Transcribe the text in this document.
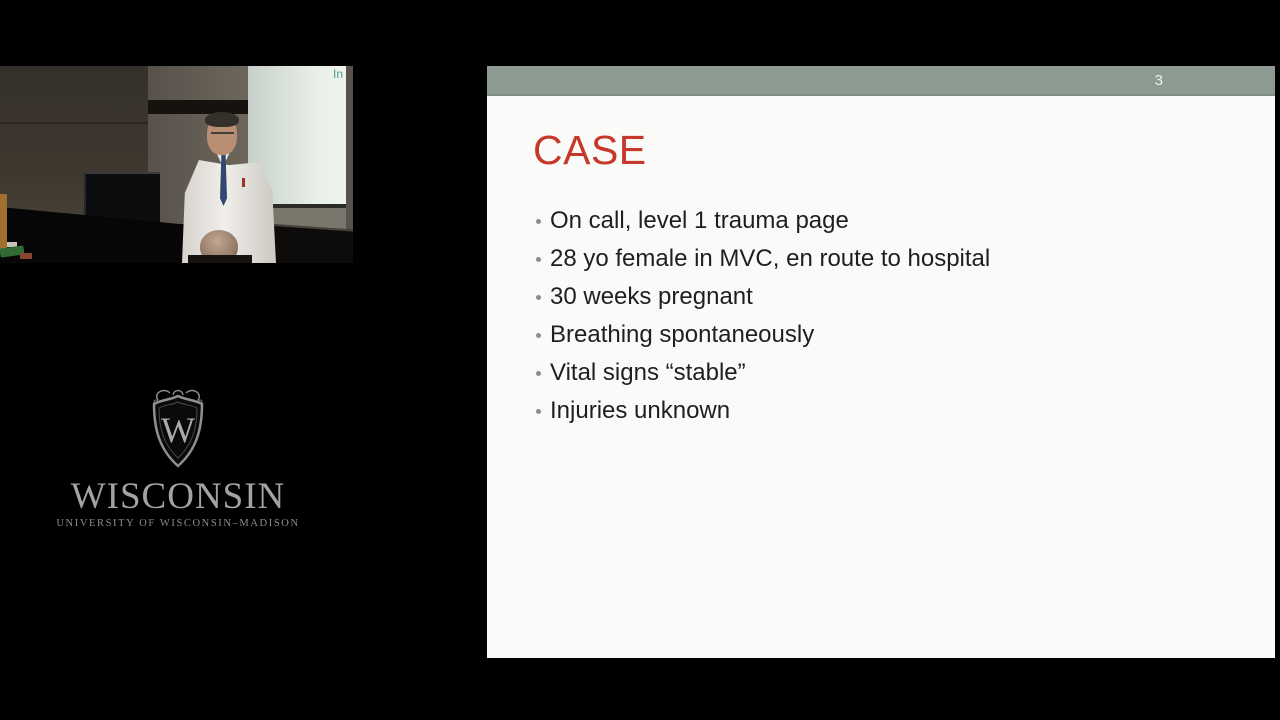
In
W
WISCONSIN
UNIVERSITY OF WISCONSIN–MADISON
3
CASE
On call, level 1 trauma page
28 yo female in MVC, en route to hospital
30 weeks pregnant
Breathing spontaneously
Vital signs “stable”
Injuries unknown
